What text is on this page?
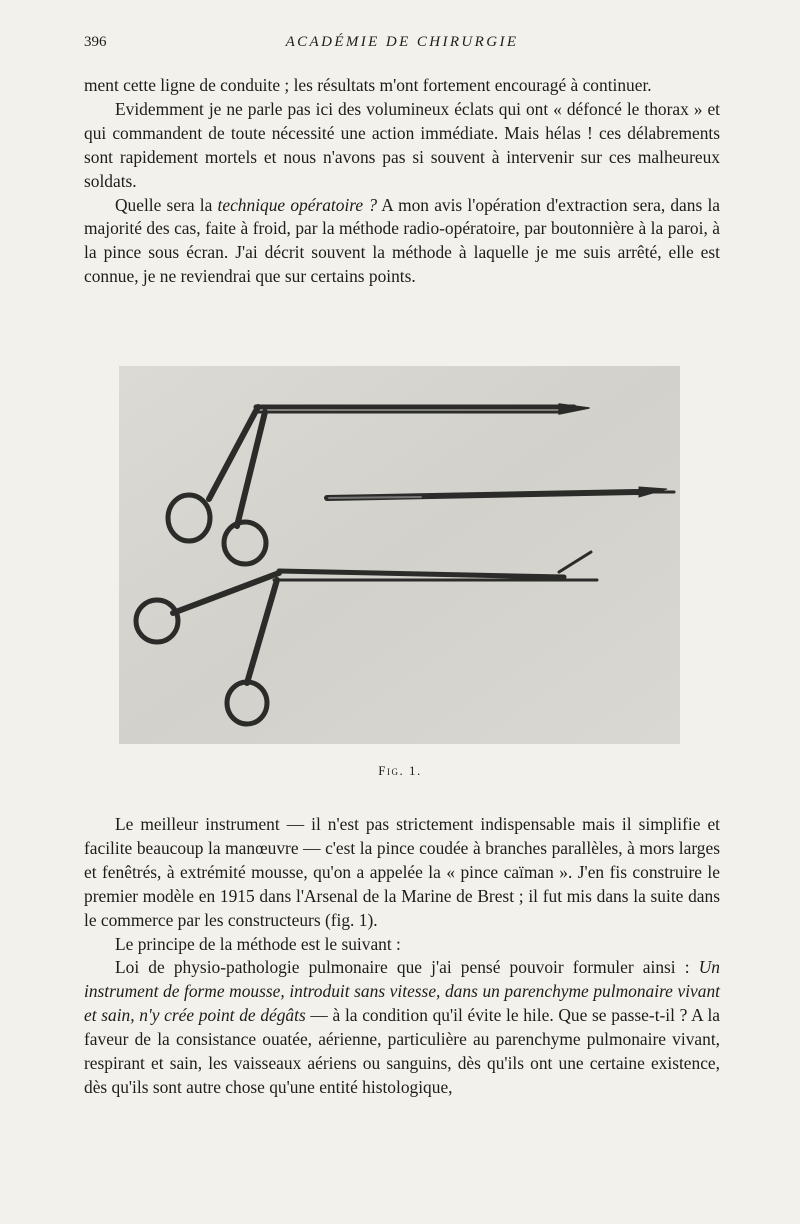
396	ACADÉMIE DE CHIRURGIE

ment cette ligne de conduite ; les résultats m'ont fortement encouragé à continuer.

Evidemment je ne parle pas ici des volumineux éclats qui ont « défoncé le thorax » et qui commandent de toute nécessité une action immédiate. Mais hélas ! ces délabrements sont rapidement mortels et nous n'avons pas si souvent à intervenir sur ces malheureux soldats.

Quelle sera la technique opératoire ? A mon avis l'opération d'extraction sera, dans la majorité des cas, faite à froid, par la méthode radio-opératoire, par boutonnière à la paroi, à la pince sous écran. J'ai décrit souvent la méthode à laquelle je me suis arrêté, elle est connue, je ne reviendrai que sur certains points.

Fig. 1.

Le meilleur instrument — il n'est pas strictement indispensable mais il simplifie et facilite beaucoup la manœuvre — c'est la pince coudée à branches parallèles, à mors larges et fenêtrés, à extrémité mousse, qu'on a appelée la « pince caïman ». J'en fis construire le premier modèle en 1915 dans l'Arsenal de la Marine de Brest ; il fut mis dans la suite dans le commerce par les constructeurs (fig. 1).

Le principe de la méthode est le suivant :

Loi de physio-pathologie pulmonaire que j'ai pensé pouvoir formuler ainsi : Un instrument de forme mousse, introduit sans vitesse, dans un parenchyme pulmonaire vivant et sain, n'y crée point de dégâts — à la condition qu'il évite le hile. Que se passe-t-il ? A la faveur de la consistance ouatée, aérienne, particulière au parenchyme pulmonaire vivant, respirant et sain, les vaisseaux aériens ou sanguins, dès qu'ils ont une certaine existence, dès qu'ils sont autre chose qu'une entité histologique,
